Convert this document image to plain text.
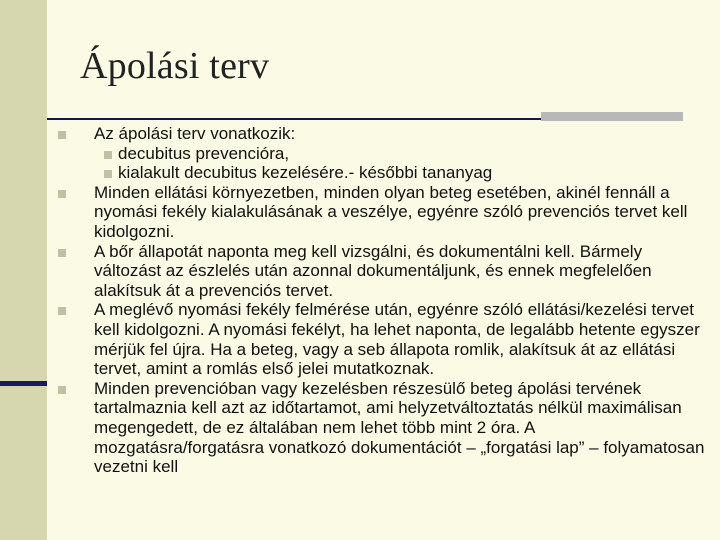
Ápolási terv
Az ápolási terv vonatkozik:
decubitus prevencióra,
kialakult decubitus kezelésére.- későbbi tananyag
Minden ellátási környezetben, minden olyan beteg esetében, akinél fennáll a nyomási fekély kialakulásának a veszélye, egyénre szóló prevenciós tervet kell kidolgozni.
A bőr állapotát naponta meg kell vizsgálni, és dokumentálni kell. Bármely változást az észlelés után azonnal dokumentáljunk, és ennek megfelelően alakítsuk át a prevenciós tervet.
A meglévő nyomási fekély felmérése után, egyénre szóló ellátási/kezelési tervet kell kidolgozni. A nyomási fekélyt, ha lehet naponta, de legalább hetente egyszer mérjük fel újra. Ha a beteg, vagy a seb állapota romlik, alakítsuk át az ellátási tervet, amint a romlás első jelei mutatkoznak.
Minden prevencióban vagy kezelésben részesülő beteg ápolási tervének tartalmaznia kell azt az időtartamot, ami helyzetváltoztatás nélkül maximálisan megengedett, de ez általában nem lehet több mint 2 óra. A mozgatásra/forgatásra vonatkozó dokumentációt – „forgatási lap” – folyamatosan vezetni kell
